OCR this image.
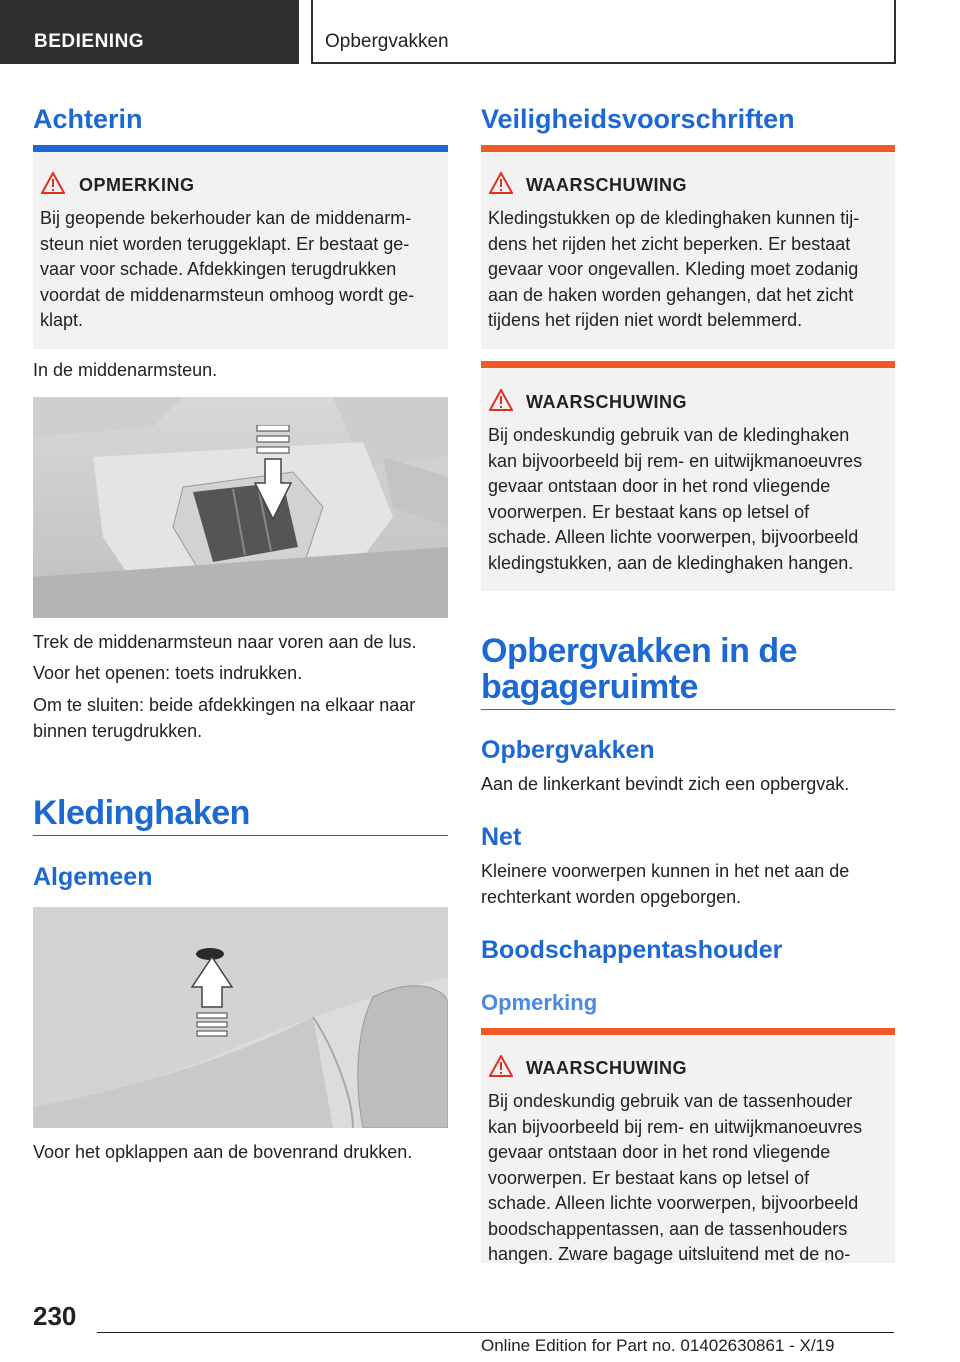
BEDIENING	Opbergvakken
Achterin
OPMERKING
Bij geopende bekerhouder kan de middenarm-
steun niet worden teruggeklapt. Er bestaat ge-
vaar voor schade. Afdekkingen terugdrukken
voordat de middenarmsteun omhoog wordt ge-
klapt.
In de middenarmsteun.
Trek de middenarmsteun naar voren aan de lus.
Voor het openen: toets indrukken.
Om te sluiten: beide afdekkingen na elkaar naar
binnen terugdrukken.
Kledinghaken
Algemeen
Voor het opklappen aan de bovenrand drukken.
Veiligheidsvoorschriften
WAARSCHUWING
Kledingstukken op de kledinghaken kunnen tij-
dens het rijden het zicht beperken. Er bestaat
gevaar voor ongevallen. Kleding moet zodanig
aan de haken worden gehangen, dat het zicht
tijdens het rijden niet wordt belemmerd.
WAARSCHUWING
Bij ondeskundig gebruik van de kledinghaken
kan bijvoorbeeld bij rem- en uitwijkmanoeuvres
gevaar ontstaan door in het rond vliegende
voorwerpen. Er bestaat kans op letsel of
schade. Alleen lichte voorwerpen, bijvoorbeeld
kledingstukken, aan de kledinghaken hangen.
Opbergvakken in de
bagageruimte
Opbergvakken
Aan de linkerkant bevindt zich een opbergvak.
Net
Kleinere voorwerpen kunnen in het net aan de
rechterkant worden opgeborgen.
Boodschappentashouder
Opmerking
WAARSCHUWING
Bij ondeskundig gebruik van de tassenhouder
kan bijvoorbeeld bij rem- en uitwijkmanoeuvres
gevaar ontstaan door in het rond vliegende
voorwerpen. Er bestaat kans op letsel of
schade. Alleen lichte voorwerpen, bijvoorbeeld
boodschappentassen, aan de tassenhouders
hangen. Zware bagage uitsluitend met de no-
230
Online Edition for Part no. 01402630861 - X/19
